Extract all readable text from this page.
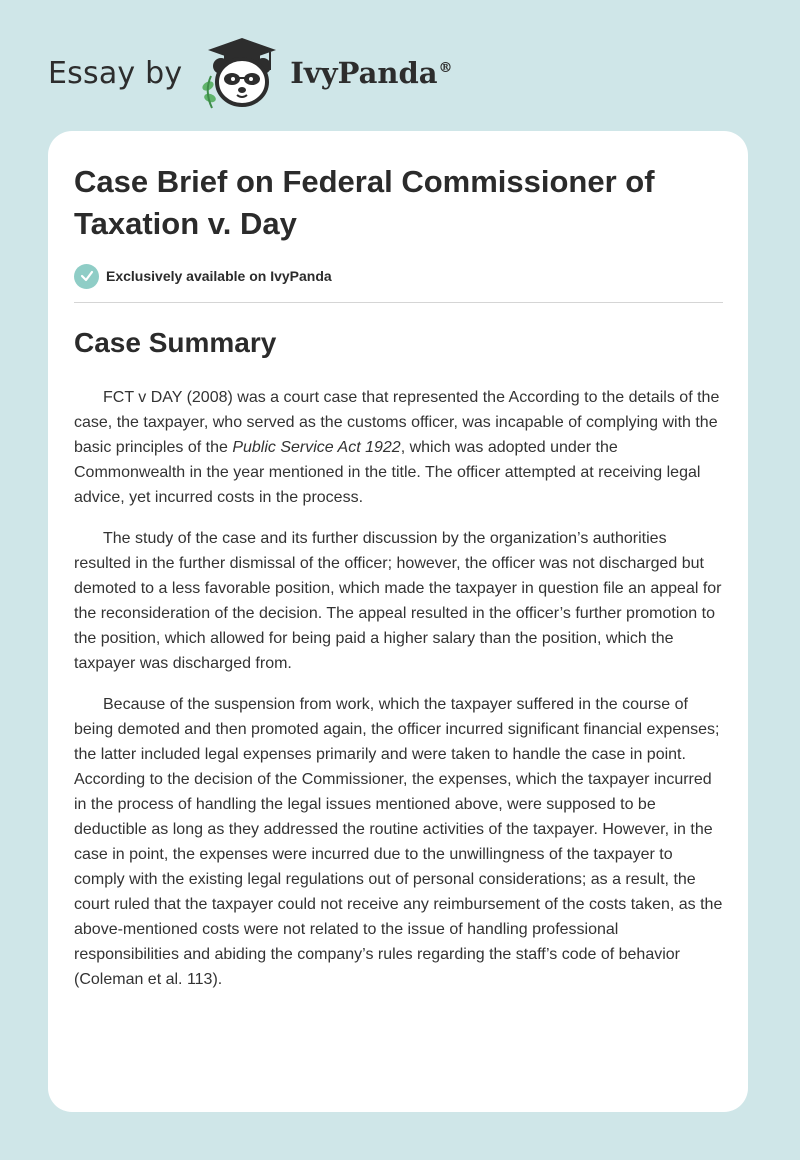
Essay by	IvyPanda®
Case Brief on Federal Commissioner of Taxation v. Day
Exclusively available on IvyPanda
Case Summary

FCT v DAY (2008) was a court case that represented the According to the details of the case, the taxpayer, who served as the customs officer, was incapable of complying with the basic principles of the Public Service Act 1922, which was adopted under the Commonwealth in the year mentioned in the title. The officer attempted at receiving legal advice, yet incurred costs in the process.

The study of the case and its further discussion by the organization’s authorities resulted in the further dismissal of the officer; however, the officer was not discharged but demoted to a less favorable position, which made the taxpayer in question file an appeal for the reconsideration of the decision. The appeal resulted in the officer’s further promotion to the position, which allowed for being paid a higher salary than the position, which the taxpayer was discharged from.

Because of the suspension from work, which the taxpayer suffered in the course of being demoted and then promoted again, the officer incurred significant financial expenses; the latter included legal expenses primarily and were taken to handle the case in point. According to the decision of the Commissioner, the expenses, which the taxpayer incurred in the process of handling the legal issues mentioned above, were supposed to be deductible as long as they addressed the routine activities of the taxpayer. However, in the case in point, the expenses were incurred due to the unwillingness of the taxpayer to comply with the existing legal regulations out of personal considerations; as a result, the court ruled that the taxpayer could not receive any reimbursement of the costs taken, as the above-mentioned costs were not related to the issue of handling professional responsibilities and abiding the company’s rules regarding the staff’s code of behavior (Coleman et al. 113).
